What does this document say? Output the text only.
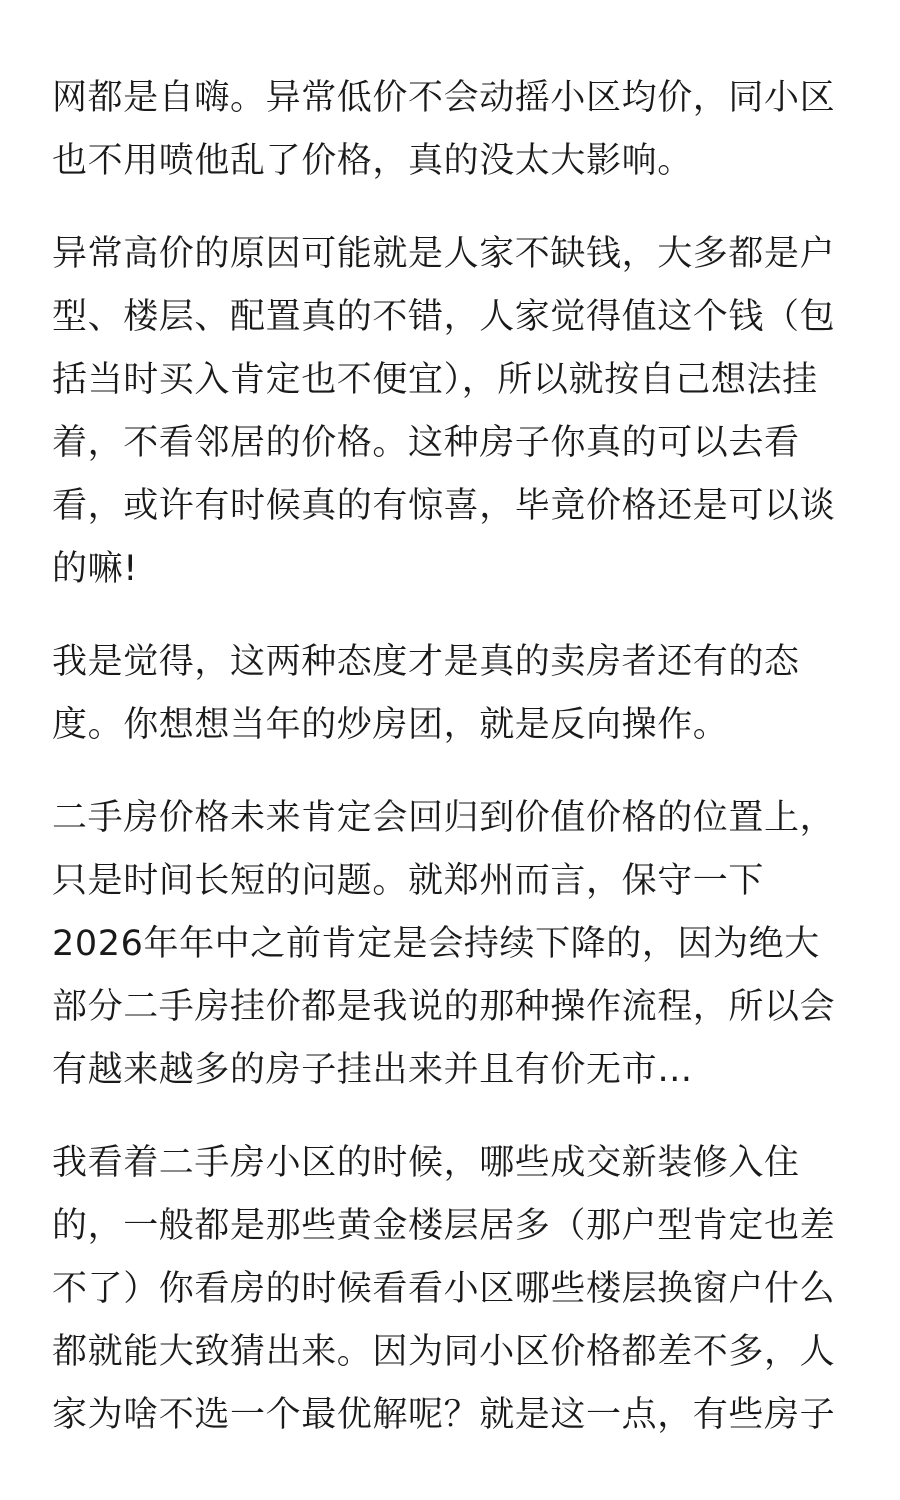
网都是自嗨。异常低价不会动摇小区均价，同小区
也不用喷他乱了价格，真的没太大影响。

异常高价的原因可能就是人家不缺钱，大多都是户
型、楼层、配置真的不错，人家觉得值这个钱（包
括当时买入肯定也不便宜），所以就按自己想法挂
着，不看邻居的价格。这种房子你真的可以去看
看，或许有时候真的有惊喜，毕竟价格还是可以谈
的嘛!

我是觉得，这两种态度才是真的卖房者还有的态
度。你想想当年的炒房团，就是反向操作。

二手房价格未来肯定会回归到价值价格的位置上，
只是时间长短的问题。就郑州而言，保守一下
2026年年中之前肯定是会持续下降的，因为绝大
部分二手房挂价都是我说的那种操作流程，所以会
有越来越多的房子挂出来并且有价无市…

我看着二手房小区的时候，哪些成交新装修入住
的，一般都是那些黄金楼层居多（那户型肯定也差
不了）你看房的时候看看小区哪些楼层换窗户什么
都就能大致猜出来。因为同小区价格都差不多，人
家为啥不选一个最优解呢？就是这一点，有些房子
